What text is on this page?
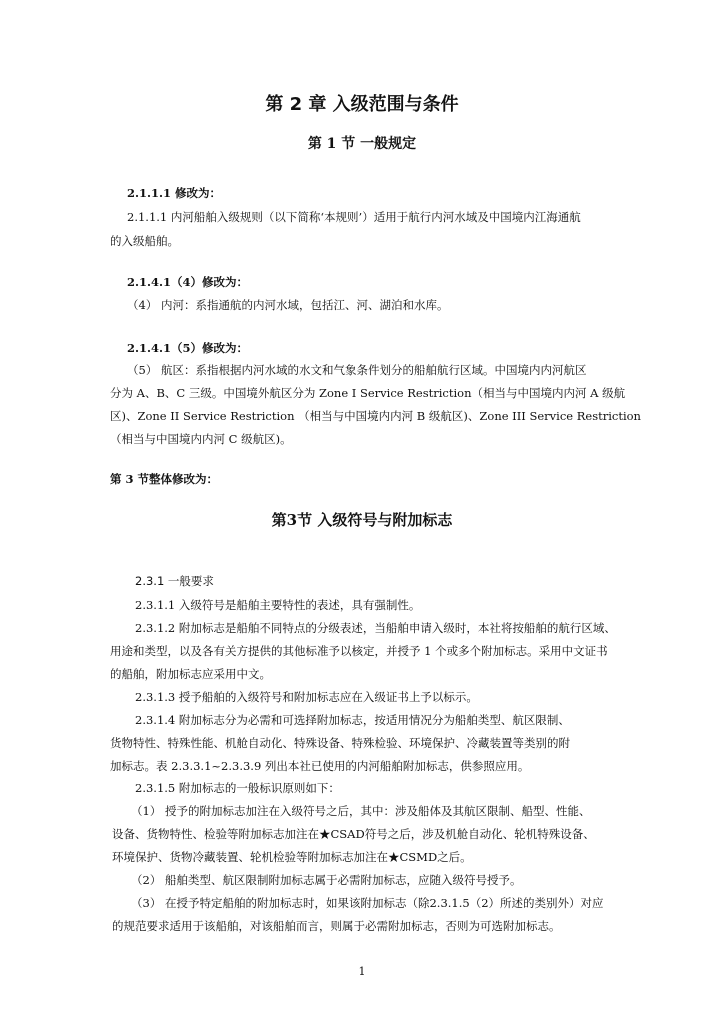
第 2 章 入级范围与条件
第 1 节 一般规定
2.1.1.1 修改为：
2.1.1.1 内河船舶入级规则（以下简称‘本规则’）适用于航行内河水域及中国境内江海通航
的入级船舶。
2.1.4.1（4）修改为：
（4） 内河：系指通航的内河水域，包括江、河、湖泊和水库。
2.1.4.1（5）修改为：
（5） 航区：系指根据内河水域的水文和气象条件划分的船舶航行区域。中国境内内河航区
分为 A、B、C 三级。中国境外航区分为 Zone I Service Restriction（相当与中国境内内河 A 级航
区)、Zone II Service Restriction （相当与中国境内内河 B 级航区)、Zone III Service Restriction
（相当与中国境内内河 C 级航区)。
第 3 节整体修改为：
第3节 入级符号与附加标志
2.3.1 一般要求
2.3.1.1 入级符号是船舶主要特性的表述，具有强制性。
2.3.1.2 附加标志是船舶不同特点的分级表述，当船舶申请入级时，本社将按船舶的航行区域、
用途和类型，以及各有关方提供的其他标准予以核定，并授予 1 个或多个附加标志。采用中文证书
的船舶，附加标志应采用中文。
2.3.1.3 授予船舶的入级符号和附加标志应在入级证书上予以标示。
2.3.1.4 附加标志分为必需和可选择附加标志，按适用情况分为船舶类型、航区限制、
货物特性、特殊性能、机舱自动化、特殊设备、特殊检验、环境保护、冷藏装置等类别的附
加标志。表 2.3.3.1~2.3.3.9 列出本社已使用的内河船舶附加标志，供参照应用。
2.3.1.5 附加标志的一般标识原则如下：
（1） 授予的附加标志加注在入级符号之后，其中：涉及船体及其航区限制、船型、性能、
设备、货物特性、检验等附加标志加注在★CSAD符号之后，涉及机舱自动化、轮机特殊设备、
环境保护、货物冷藏装置、轮机检验等附加标志加注在★CSMD之后。
（2） 船舶类型、航区限制附加标志属于必需附加标志，应随入级符号授予。
（3） 在授予特定船舶的附加标志时，如果该附加标志（除2.3.1.5（2）所述的类别外）对应
的规范要求适用于该船舶，对该船舶而言，则属于必需附加标志，否则为可选附加标志。
1
